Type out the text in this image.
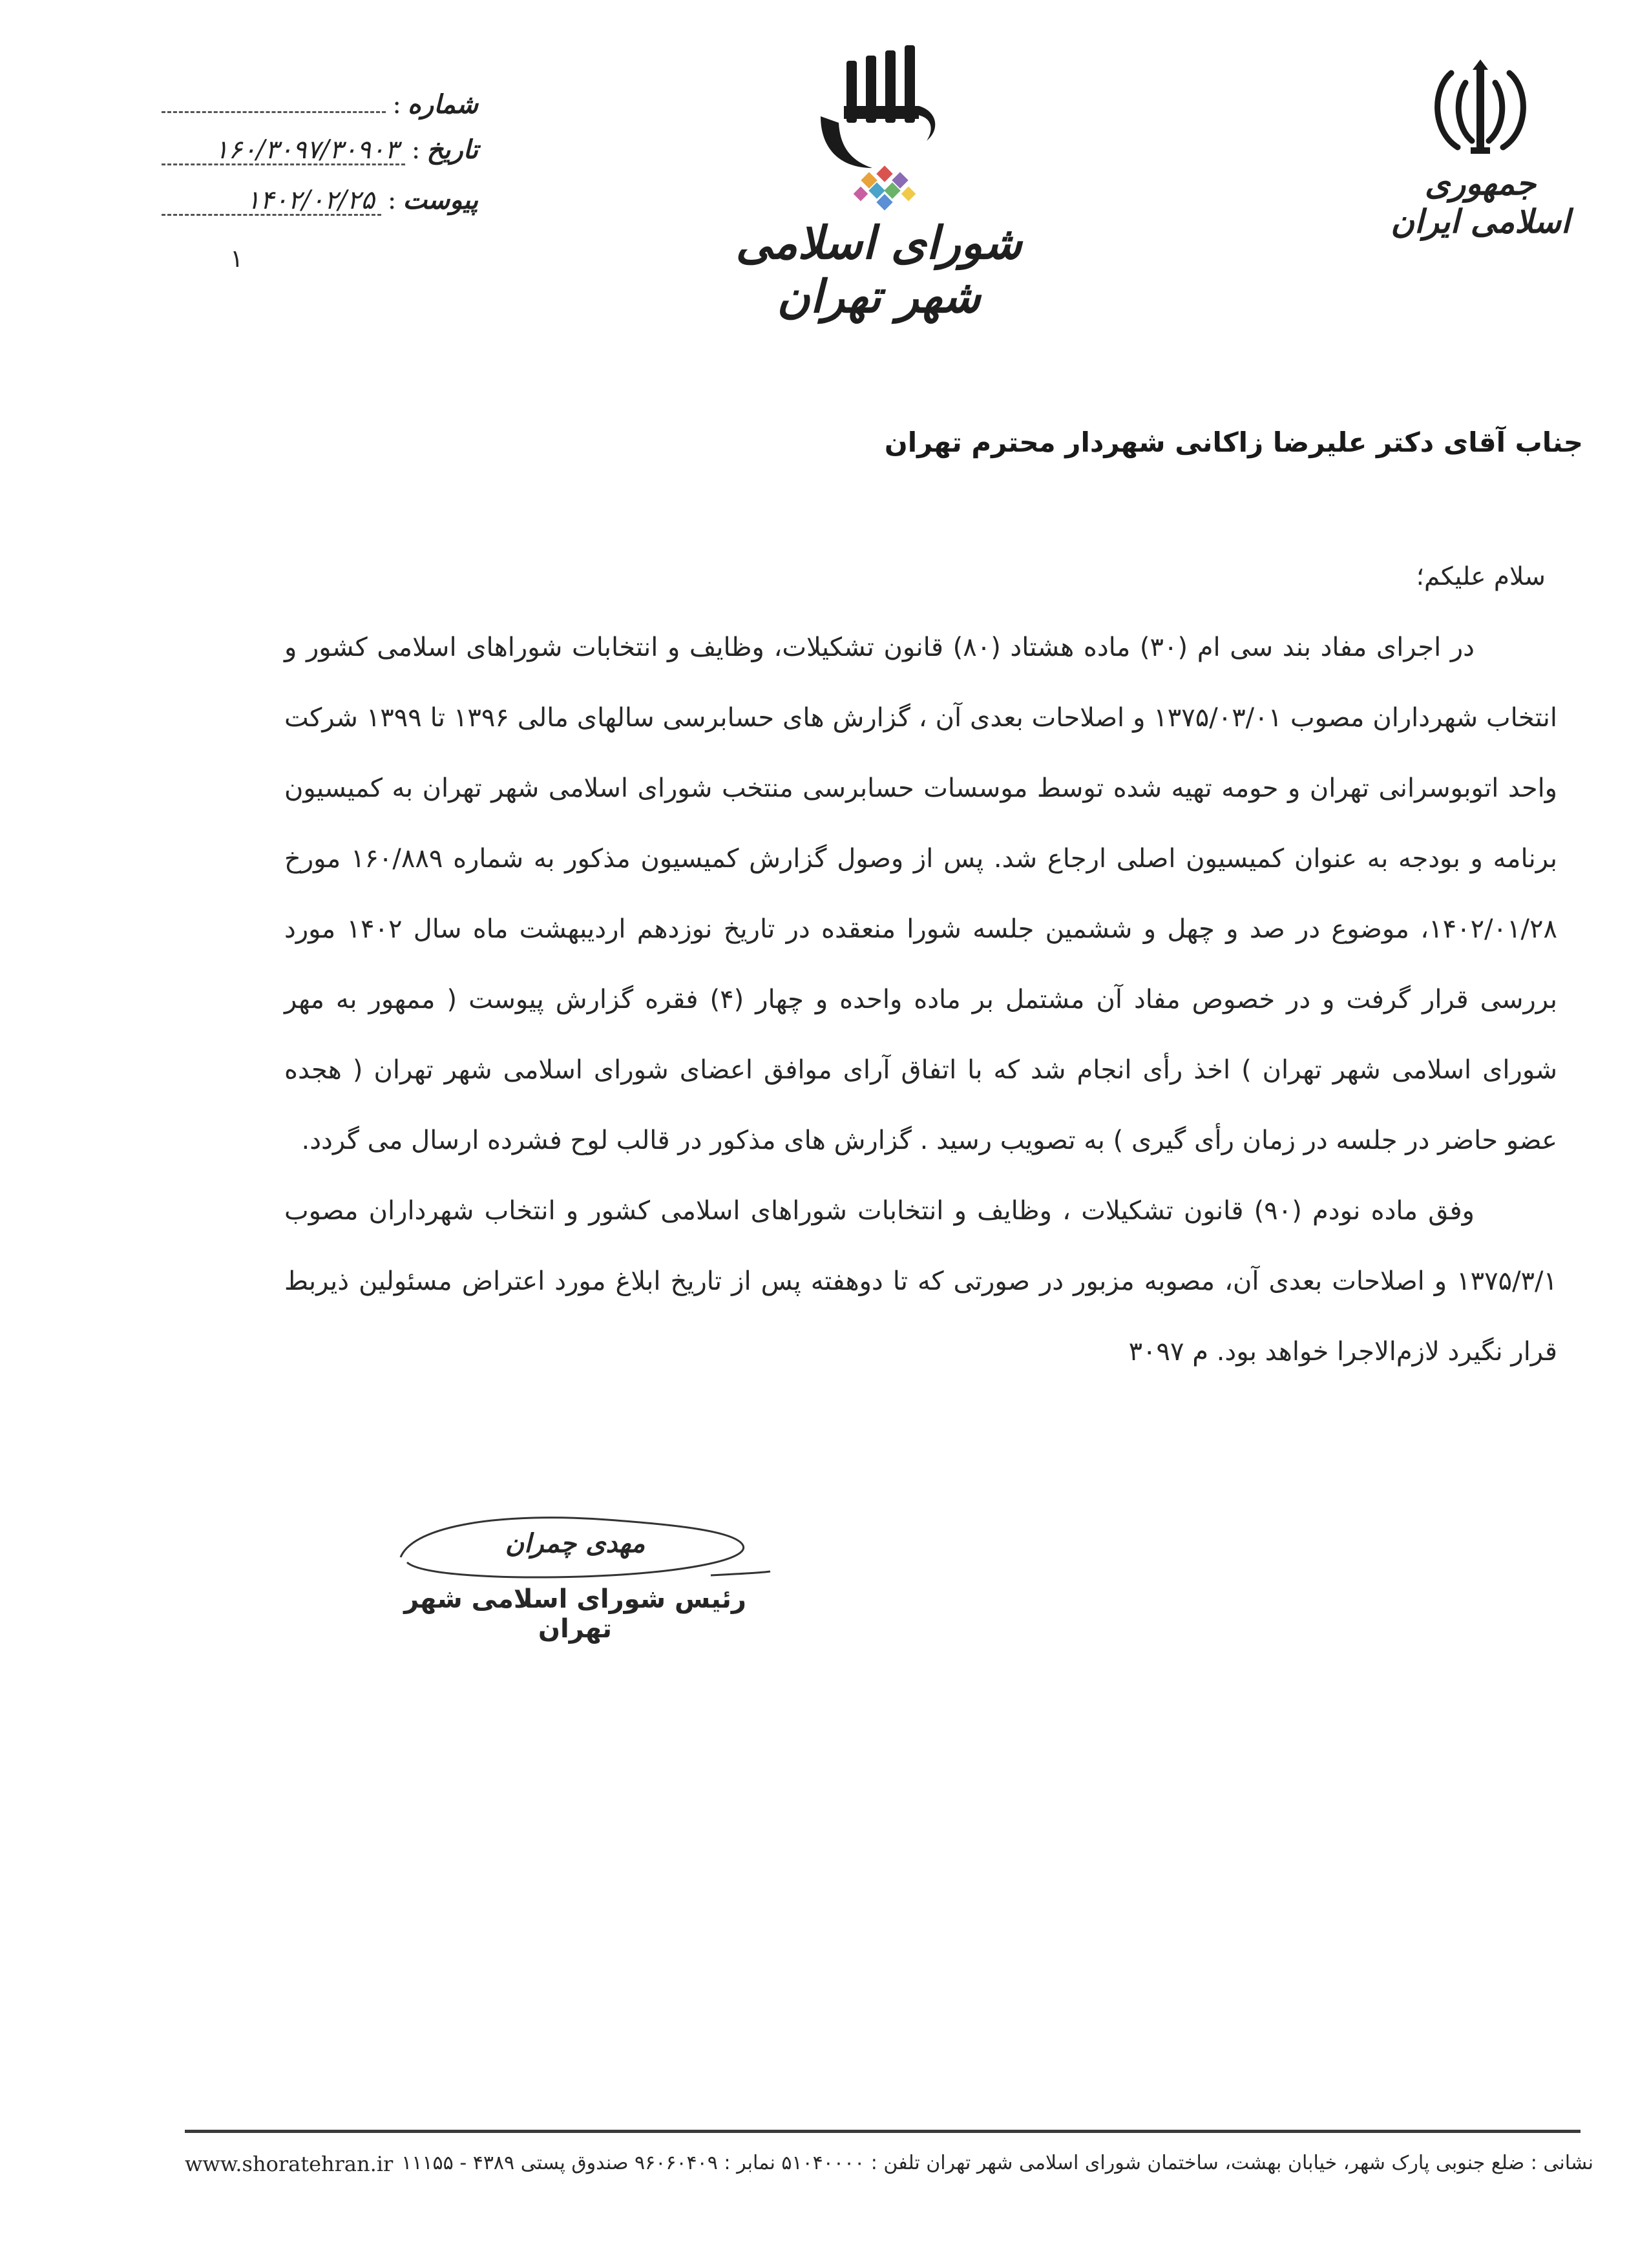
جمهوری اسلامی ایران
شورای اسلامی شهر تهران
شماره
:
تاریخ
:
۱۶۰/۳۰۹۷/۳۰۹۰۳
پیوست
:
۱۴۰۲/۰۲/۲۵
۱
جناب آقای دکتر علیرضا زاکانی شهردار محترم تهران
سلام علیکم؛

در اجرای مفاد بند سی ام (۳۰) ماده هشتاد (۸۰) قانون تشکیلات، وظایف و انتخابات شوراهای اسلامی کشور و انتخاب شهرداران مصوب ۱۳۷۵/۰۳/۰۱ و اصلاحات بعدی آن ، گزارش های حسابرسی سالهای مالی ۱۳۹۶ تا ۱۳۹۹ شرکت واحد اتوبوسرانی تهران و حومه تهیه شده توسط موسسات حسابرسی منتخب شورای اسلامی شهر تهران به کمیسیون برنامه و بودجه به عنوان کمیسیون اصلی ارجاع شد. پس از وصول گزارش کمیسیون مذکور به شماره ۱۶۰/۸۸۹ مورخ ۱۴۰۲/۰۱/۲۸، موضوع در صد و چهل و ششمین جلسه شورا منعقده در تاریخ نوزدهم اردیبهشت ماه سال ۱۴۰۲ مورد بررسی قرار گرفت و در خصوص مفاد آن مشتمل بر ماده واحده و چهار (۴) فقره گزارش پیوست ( ممهور به مهر شورای اسلامی شهر تهران ) اخذ رأی انجام شد که با اتفاق آرای موافق اعضای شورای اسلامی شهر تهران ( هجده عضو حاضر در جلسه در زمان رأی گیری ) به تصویب رسید . گزارش های مذکور در قالب لوح فشرده ارسال می گردد.

وفق ماده نودم (۹۰) قانون تشکیلات ، وظایف و انتخابات شوراهای اسلامی کشور و انتخاب شهرداران مصوب ۱۳۷۵/۳/۱ و اصلاحات بعدی آن، مصوبه مزبور در صورتی که تا دوهفته پس از تاریخ ابلاغ مورد اعتراض مسئولین ذیربط قرار نگیرد لازم‌الاجرا خواهد بود. م ۳۰۹۷

مهدی چمران
رئیس شورای اسلامی شهر تهران
نشانی : ضلع جنوبی پارک شهر، خیابان بهشت، ساختمان شورای اسلامی شهر تهران تلفن : ۵۱۰۴۰۰۰۰ نمابر : ۹۶۰۶۰۴۰۹ صندوق پستی ۴۳۸۹ - ۱۱۱۵۵
www.shoratehran.ir
